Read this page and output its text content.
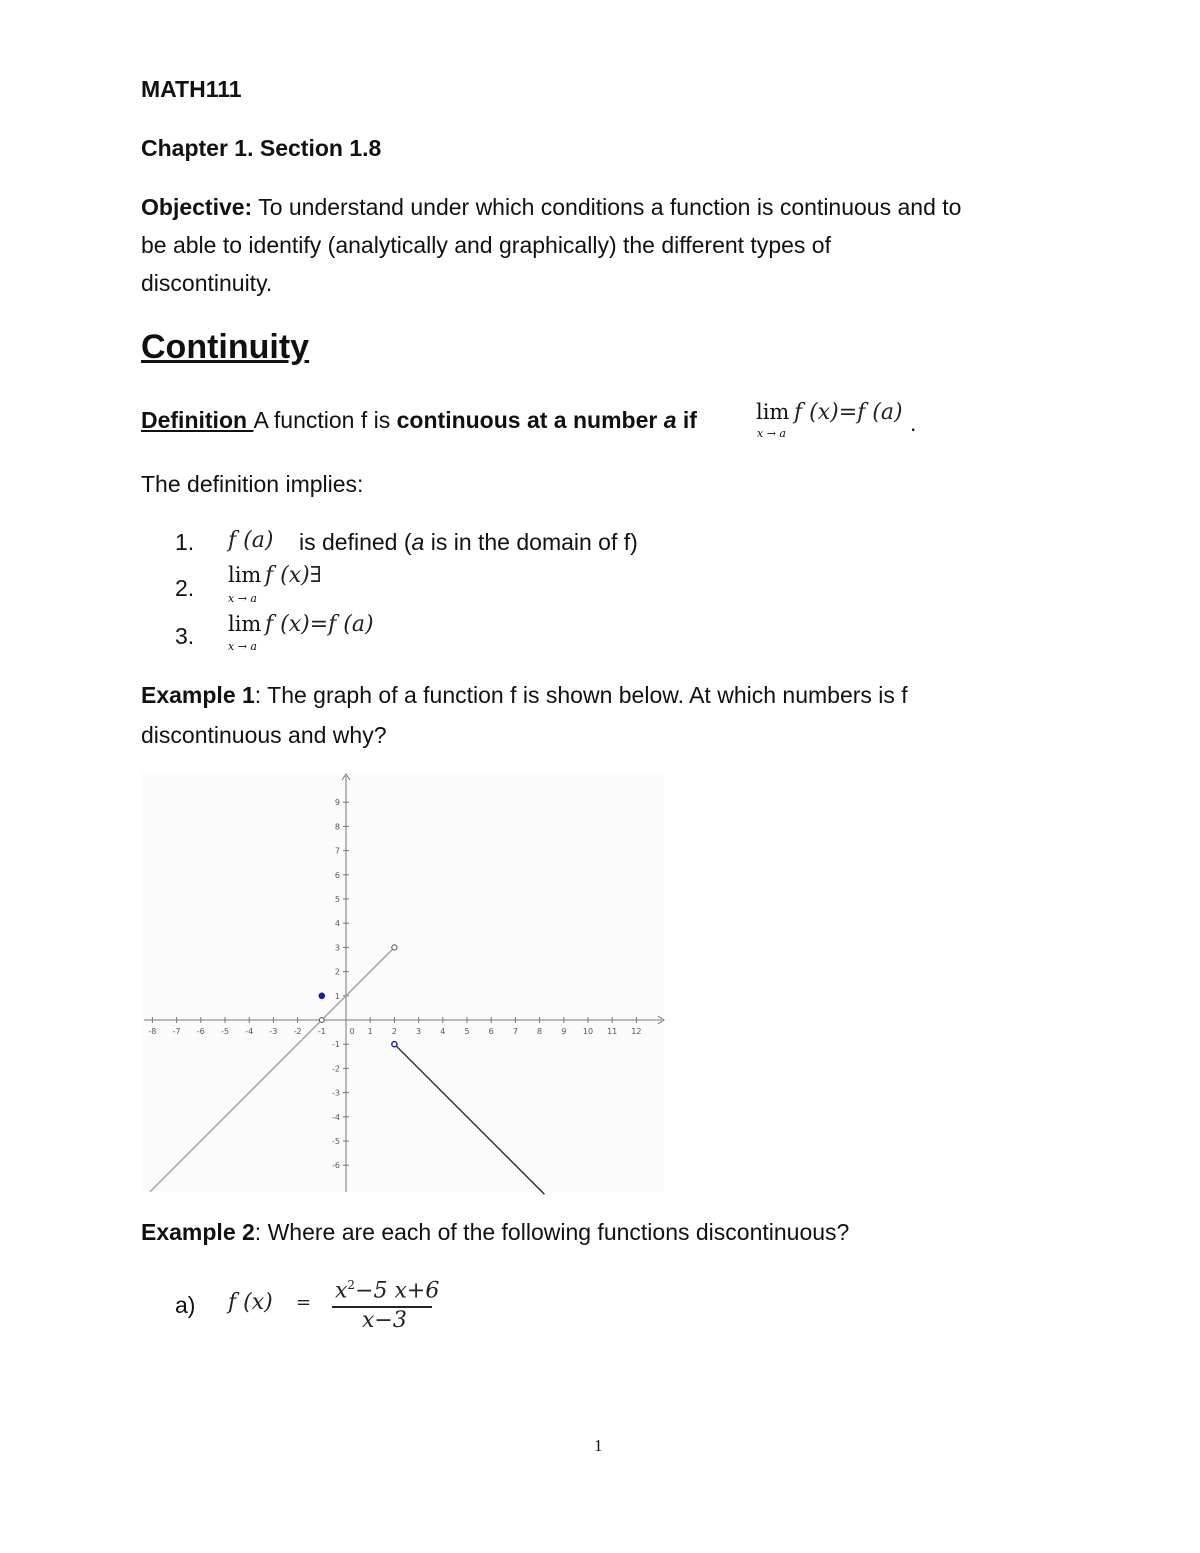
MATH111
Chapter 1. Section 1.8
Objective: To understand under which conditions a function is continuous and to
be able to identify (analytically and graphically) the different types of
discontinuity.
Continuity
Definition A function f is continuous at a number a if	lim
x → a
f (x)=f (a) .
The definition implies:
1. f (a) is defined (a is in the domain of f)
2. lim
x → a
f (x)∃
3. lim
x → a
f (x)=f (a)
Example 1: The graph of a function f is shown below. At which numbers is f
discontinuous and why?
-8 -7 -6 -5 -4 -3 -2 -1	0 1 2 3 4 5 6 7 8 9 10 11 12
9
8
7
6
5
4
3
2
1
-1
-2
-3
-4
-5
-6
Example 2: Where are each of the following functions discontinuous?
a) f $(x) = x^2-5$ x+6
x−3
1
